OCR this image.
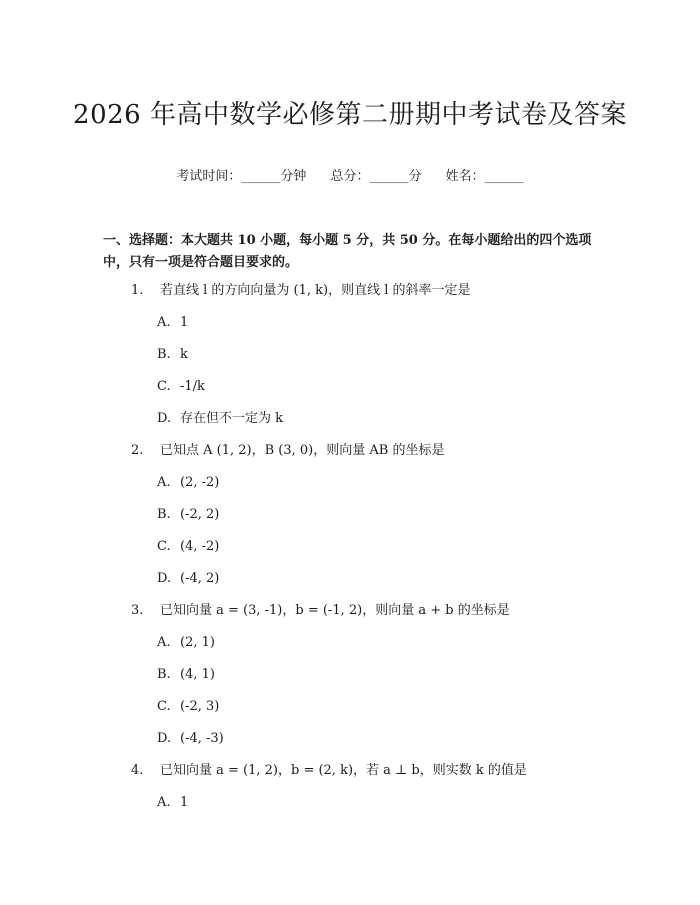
2026 年高中数学必修第二册期中考试卷及答案
考试时间：______分钟 总分：______分 姓名：______
一、选择题：本大题共 10 小题，每小题 5 分，共 50 分。在每小题给出的四个选项中，只有一项是符合题目要求的。
1. 若直线 l 的方向向量为 (1, k)，则直线 l 的斜率一定是
A. 1
B. k
C. -1/k
D. 存在但不一定为 k
2. 已知点 A (1, 2)，B (3, 0)，则向量 AB 的坐标是
A. (2, -2)
B. (-2, 2)
C. (4, -2)
D. (-4, 2)
3. 已知向量 a = (3, -1)，b = (-1, 2)，则向量 a + b 的坐标是
A. (2, 1)
B. (4, 1)
C. (-2, 3)
D. (-4, -3)
4. 已知向量 a = (1, 2)，b = (2, k)，若 a ⊥ b，则实数 k 的值是
A. 1
